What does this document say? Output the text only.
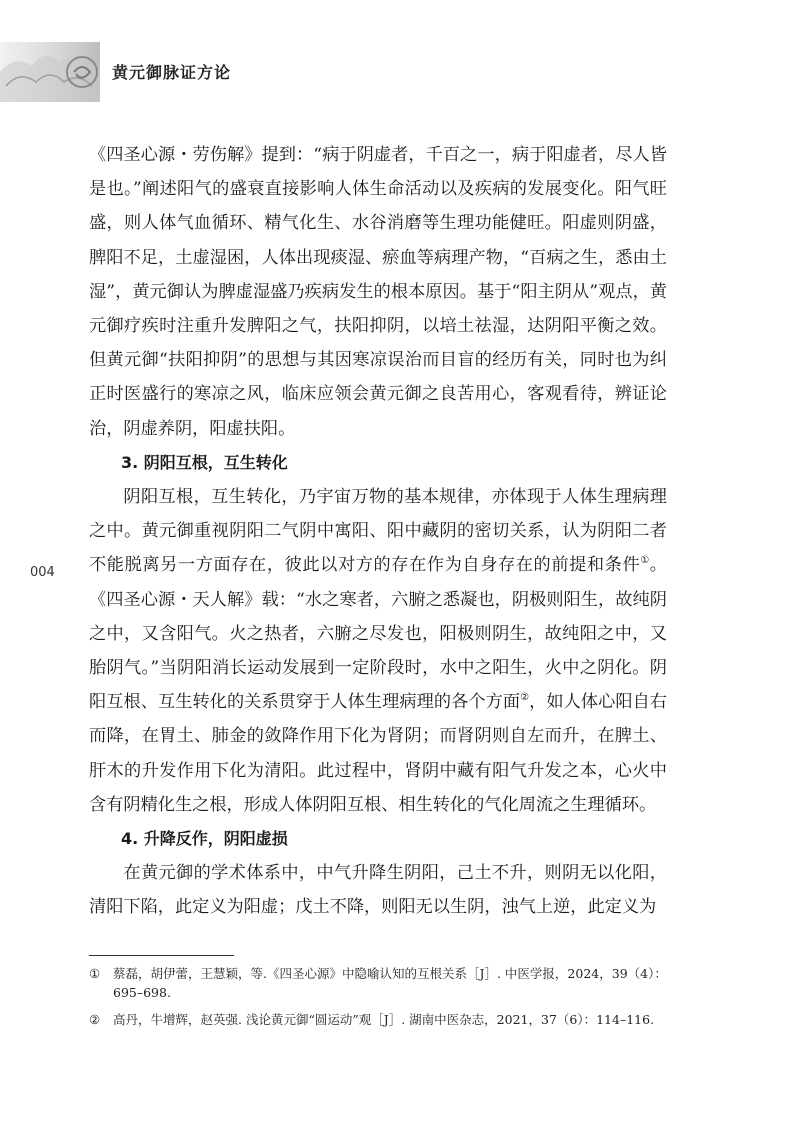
黄元御脉证方论
004

《四圣心源・劳伤解》提到：“病于阴虚者，千百之一，病于阳虚者，尽人皆是也。”阐述阳气的盛衰直接影响人体生命活动以及疾病的发展变化。阳气旺盛，则人体气血循环、精气化生、水谷消磨等生理功能健旺。阳虚则阴盛，脾阳不足，土虚湿困，人体出现痰湿、瘀血等病理产物，“百病之生，悉由土湿”，黄元御认为脾虚湿盛乃疾病发生的根本原因。基于“阳主阴从”观点，黄元御疗疾时注重升发脾阳之气，扶阳抑阴，以培土祛湿，达阴阳平衡之效。但黄元御“扶阳抑阴”的思想与其因寒凉误治而目盲的经历有关，同时也为纠正时医盛行的寒凉之风，临床应领会黄元御之良苦用心，客观看待，辨证论治，阴虚养阴，阳虚扶阳。

3. 阴阳互根，互生转化

阴阳互根，互生转化，乃宇宙万物的基本规律，亦体现于人体生理病理之中。黄元御重视阴阳二气阴中寓阳、阳中藏阴的密切关系，认为阴阳二者不能脱离另一方面存在，彼此以对方的存在作为自身存在的前提和条件①。《四圣心源・天人解》载：“水之寒者，六腑之悉凝也，阴极则阳生，故纯阴之中，又含阳气。火之热者，六腑之尽发也，阳极则阴生，故纯阳之中，又胎阴气。”当阴阳消长运动发展到一定阶段时，水中之阳生，火中之阴化。阴阳互根、互生转化的关系贯穿于人体生理病理的各个方面②，如人体心阳自右而降，在胃土、肺金的敛降作用下化为肾阴；而肾阴则自左而升，在脾土、肝木的升发作用下化为清阳。此过程中，肾阴中藏有阳气升发之本，心火中含有阴精化生之根，形成人体阴阳互根、相生转化的气化周流之生理循环。

4. 升降反作，阴阳虚损

在黄元御的学术体系中，中气升降生阴阳，己土不升，则阴无以化阳，清阳下陷，此定义为阳虚；戊土不降，则阳无以生阴，浊气上逆，此定义为

①	蔡磊，胡伊蕾，王慧颖，等.《四圣心源》中隐喻认知的互根关系［J］. 中医学报，2024，39（4）：695–698.
②	高丹，牛增辉，赵英强. 浅论黄元御“圆运动”观［J］. 湖南中医杂志，2021，37（6）：114–116.
